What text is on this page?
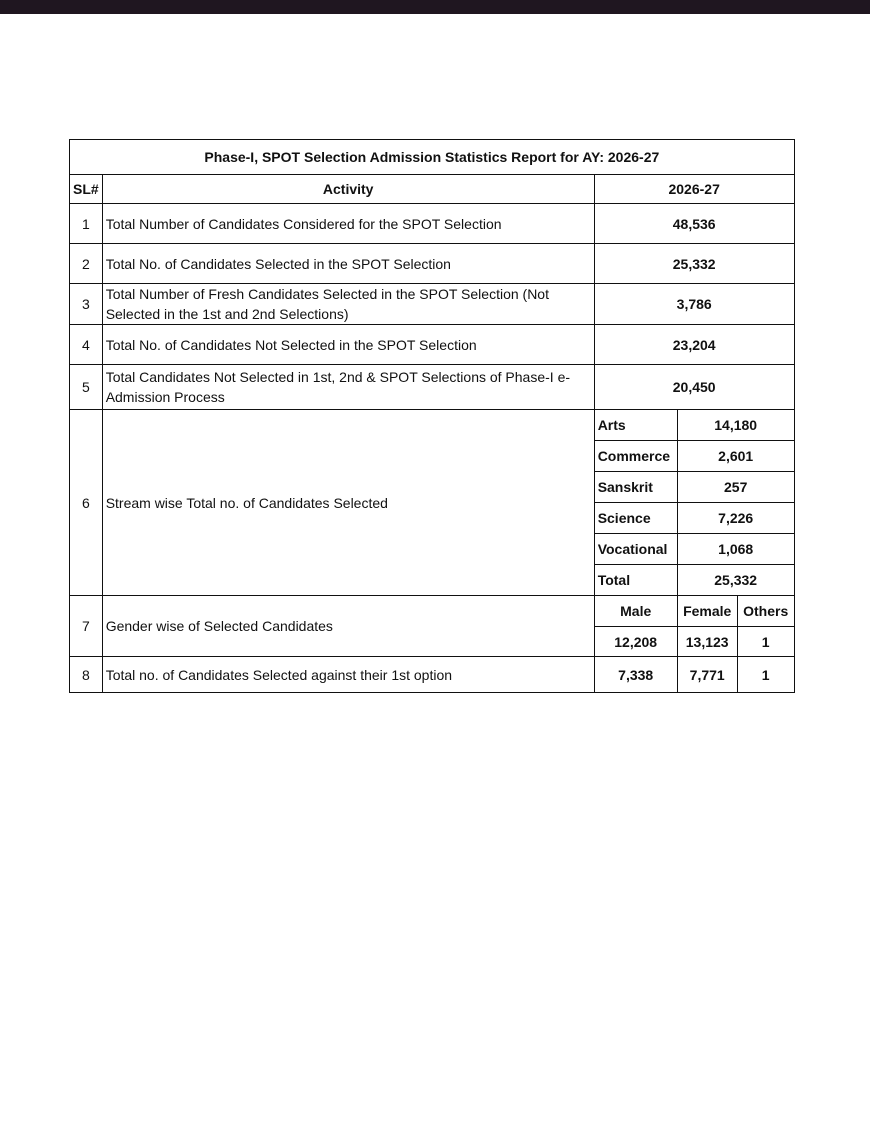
Phase-I, SPOT Selection Admission Statistics Report for AY: 2026-27				
SL#	Activity	2026-27		
1	Total Number of Candidates Considered for the SPOT Selection	48,536		
2	Total No. of Candidates Selected in the SPOT Selection	25,332		
3	Total Number of Fresh Candidates Selected in the SPOT Selection (Not Selected in the 1st and 2nd Selections)	3,786		
4	Total No. of Candidates Not Selected in the SPOT Selection	23,204		
5	Total Candidates Not Selected in 1st, 2nd & SPOT Selections of Phase-I e-Admission Process	20,450		
6	Stream wise Total no. of Candidates Selected	Arts	14,180	
		Commerce	2,601	
		Sanskrit	257	
		Science	7,226	
		Vocational	1,068	
		Total	25,332	
7	Gender wise of Selected Candidates	Male	Female	Others
		12,208	13,123	1
8	Total no. of Candidates Selected against their 1st option	7,338	7,771	1
